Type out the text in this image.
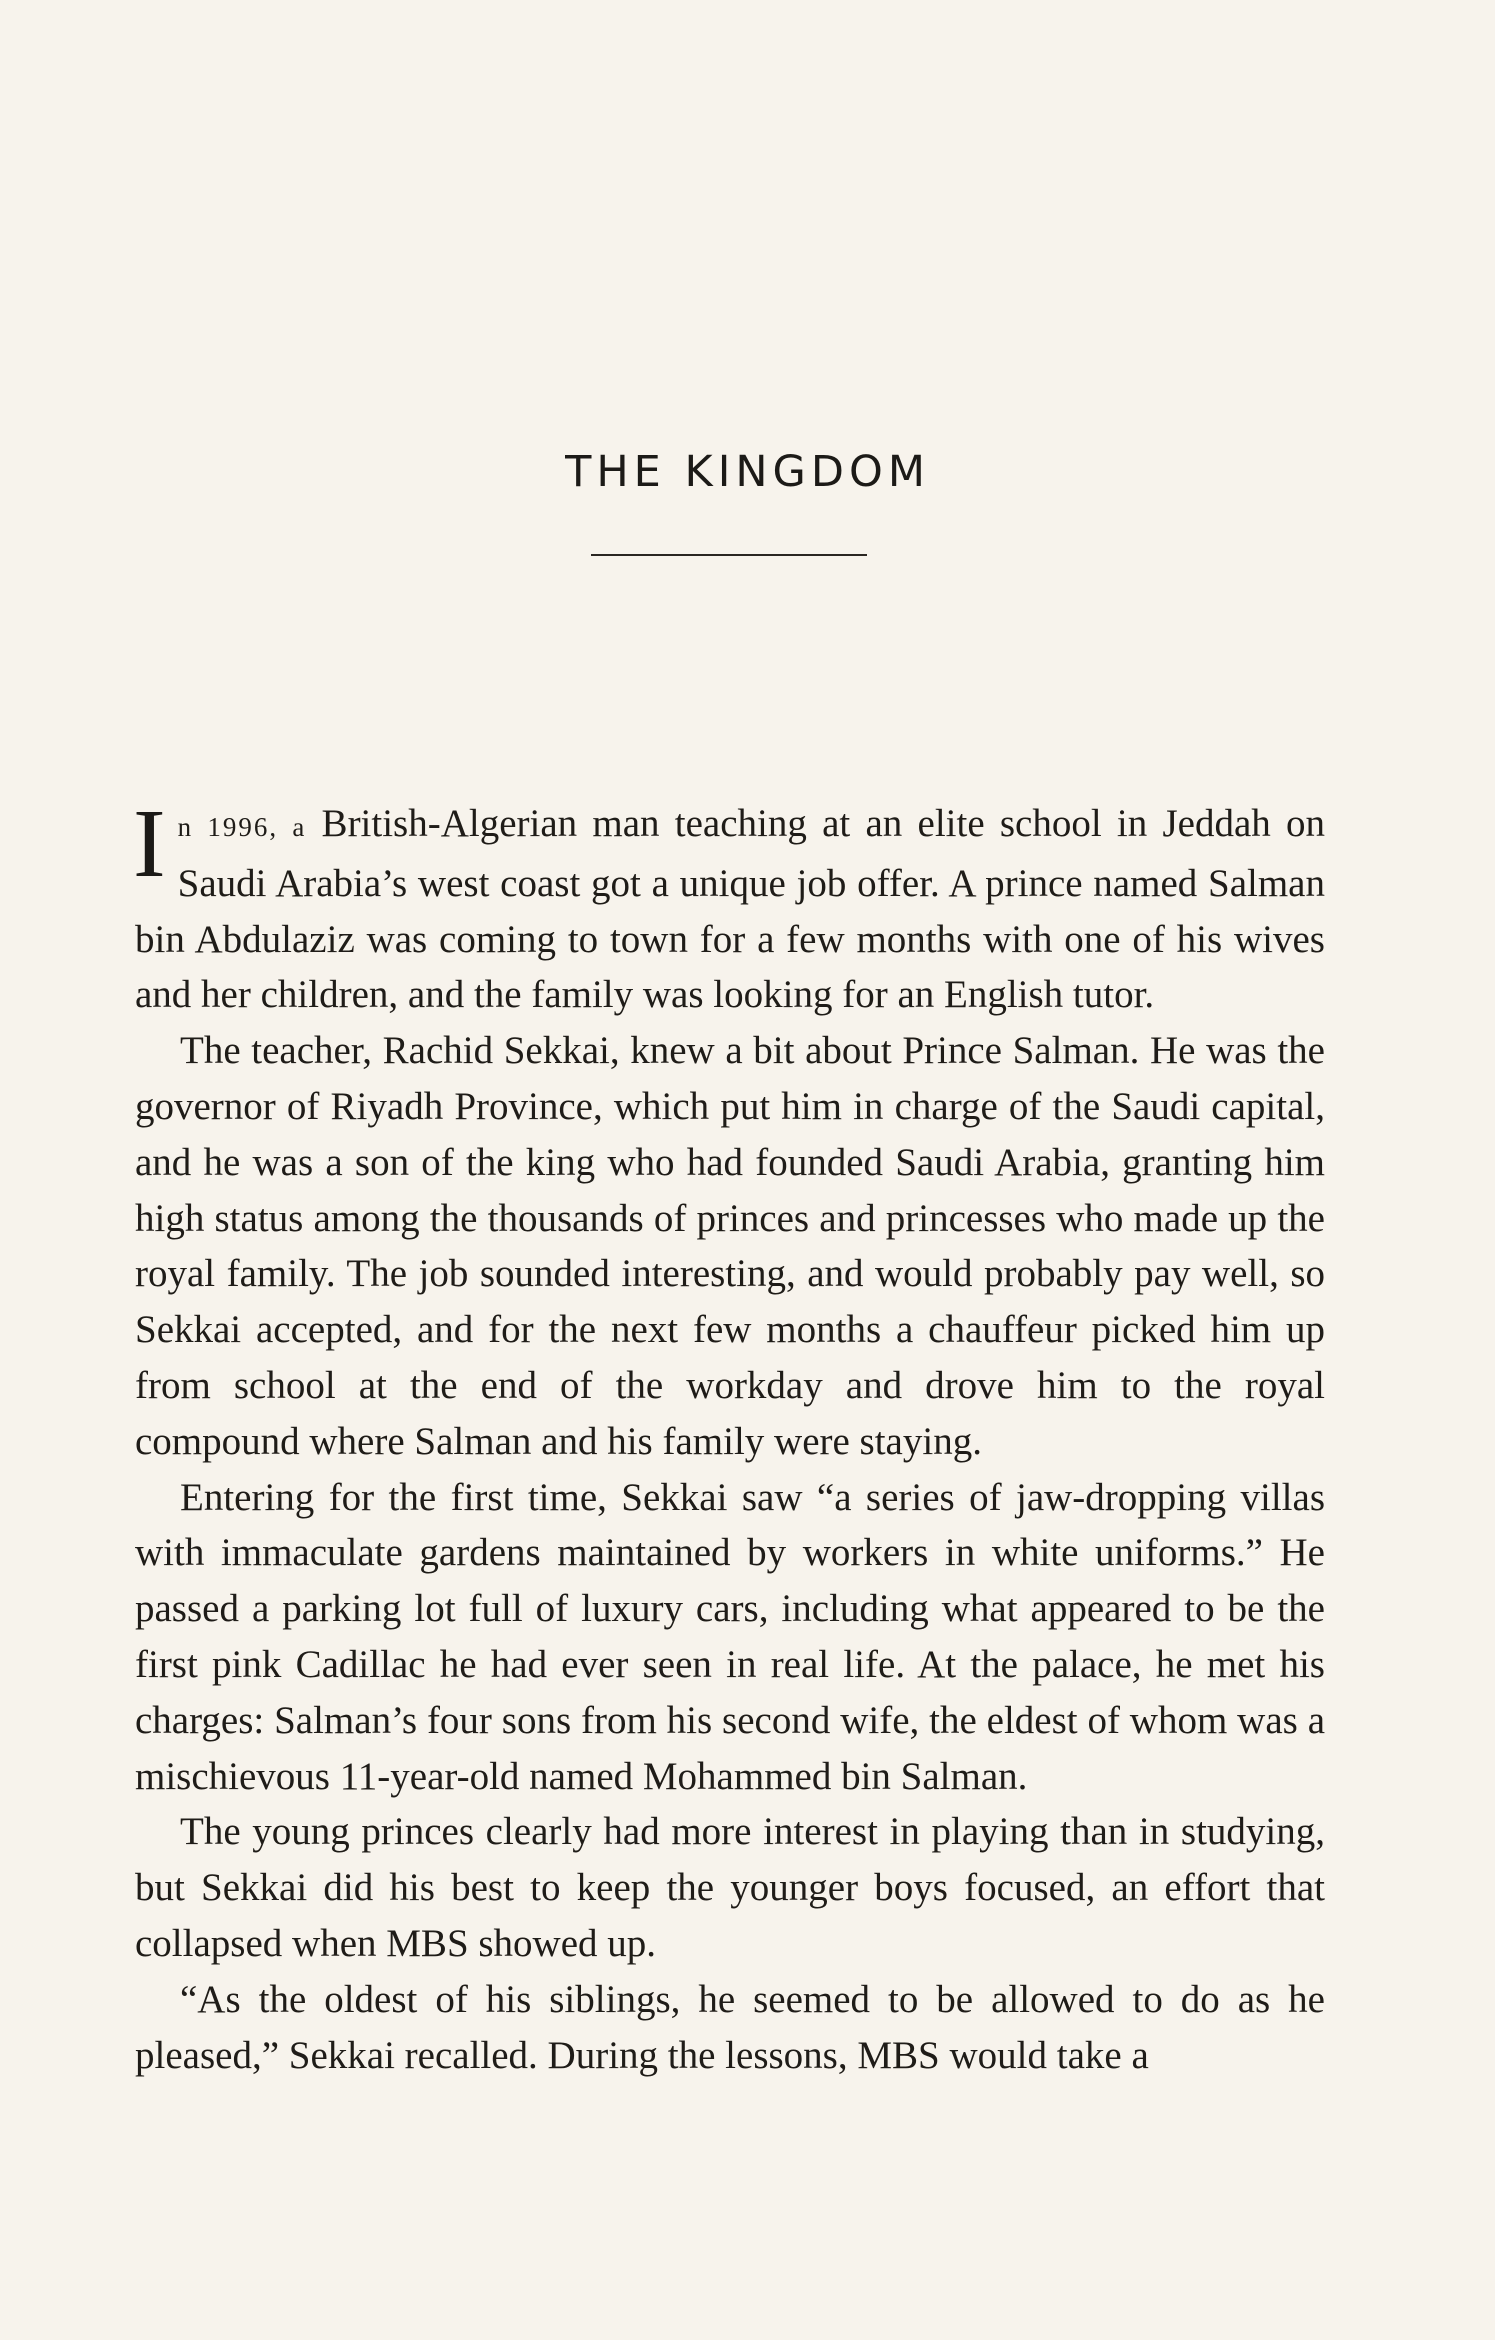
THE KINGDOM

In 1996, a British-Algerian man teaching at an elite school in Jeddah on Saudi Arabia’s west coast got a unique job offer. A prince named Salman bin Abdulaziz was coming to town for a few months with one of his wives and her children, and the family was looking for an English tutor.

The teacher, Rachid Sekkai, knew a bit about Prince Salman. He was the governor of Riyadh Province, which put him in charge of the Saudi capital, and he was a son of the king who had founded Saudi Arabia, granting him high status among the thousands of princes and princesses who made up the royal family. The job sounded interesting, and would probably pay well, so Sekkai accepted, and for the next few months a chauffeur picked him up from school at the end of the workday and drove him to the royal compound where Salman and his family were staying.

Entering for the first time, Sekkai saw “a series of jaw-dropping villas with immaculate gardens maintained by workers in white uniforms.” He passed a parking lot full of luxury cars, including what appeared to be the first pink Cadillac he had ever seen in real life. At the palace, he met his charges: Salman’s four sons from his second wife, the eldest of whom was a mischievous 11-year-old named Mohammed bin Salman.

The young princes clearly had more interest in playing than in studying, but Sekkai did his best to keep the younger boys focused, an effort that collapsed when MBS showed up.

“As the oldest of his siblings, he seemed to be allowed to do as he pleased,” Sekkai recalled. During the lessons, MBS would take a
